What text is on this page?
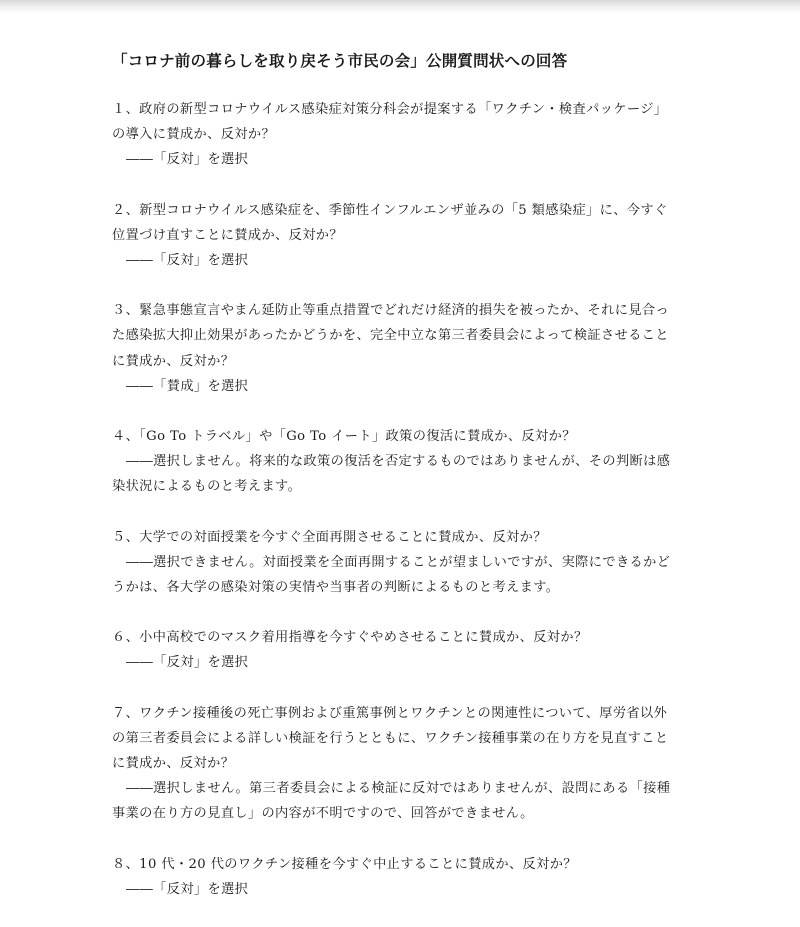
「コロナ前の暮らしを取り戻そう市民の会」公開質問状への回答

１、政府の新型コロナウイルス感染症対策分科会が提案する「ワクチン・検査パッケージ」の導入に賛成か、反対か？

――「反対」を選択

２、新型コロナウイルス感染症を、季節性インフルエンザ並みの「5 類感染症」に、今すぐ位置づけ直すことに賛成か、反対か？

――「反対」を選択

３、緊急事態宣言やまん延防止等重点措置でどれだけ経済的損失を被ったか、それに見合った感染拡大抑止効果があったかどうかを、完全中立な第三者委員会によって検証させることに賛成か、反対か？

――「賛成」を選択

４、「Go To トラベル」や「Go To イート」政策の復活に賛成か、反対か？

――選択しません。将来的な政策の復活を否定するものではありませんが、その判断は感染状況によるものと考えます。

５、大学での対面授業を今すぐ全面再開させることに賛成か、反対か？

――選択できません。対面授業を全面再開することが望ましいですが、実際にできるかどうかは、各大学の感染対策の実情や当事者の判断によるものと考えます。

６、小中高校でのマスク着用指導を今すぐやめさせることに賛成か、反対か？

――「反対」を選択

７、ワクチン接種後の死亡事例および重篤事例とワクチンとの関連性について、厚労省以外の第三者委員会による詳しい検証を行うとともに、ワクチン接種事業の在り方を見直すことに賛成か、反対か？

――選択しません。第三者委員会による検証に反対ではありませんが、設問にある「接種事業の在り方の見直し」の内容が不明ですので、回答ができません。

８、10 代・20 代のワクチン接種を今すぐ中止することに賛成か、反対か？

――「反対」を選択
